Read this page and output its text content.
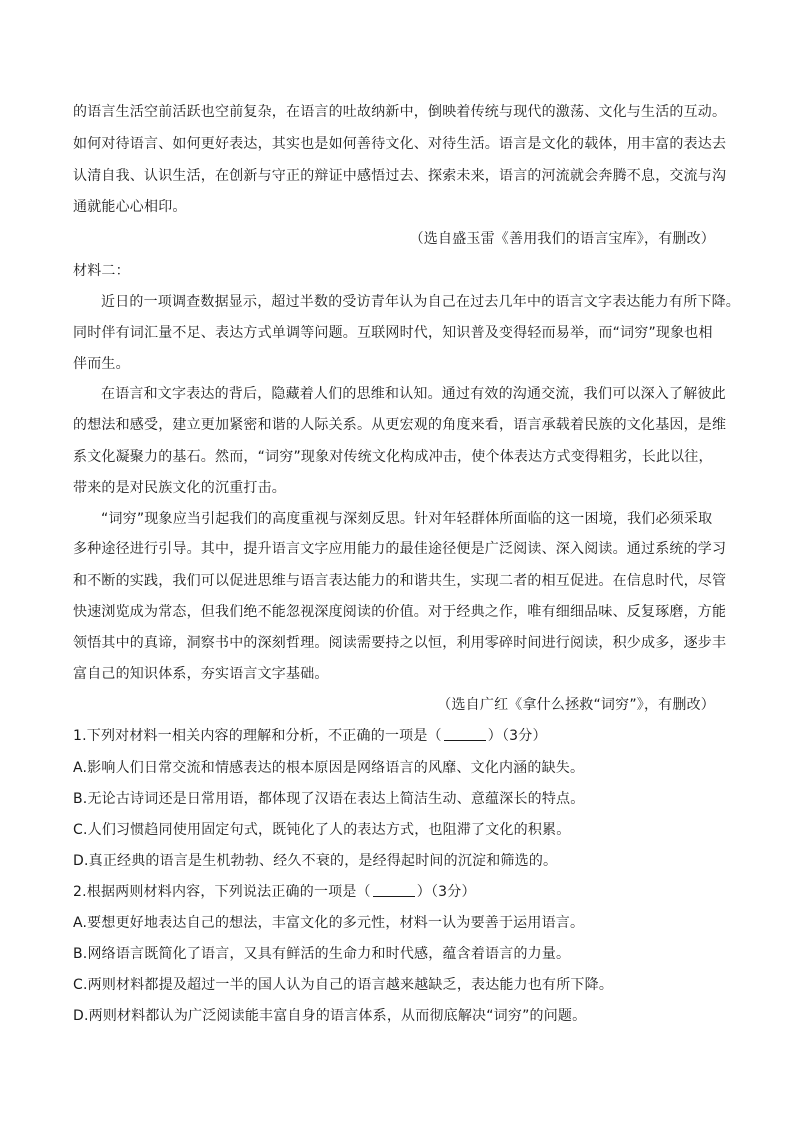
的语言生活空前活跃也空前复杂，在语言的吐故纳新中，倒映着传统与现代的激荡、文化与生活的互动。
如何对待语言、如何更好表达，其实也是如何善待文化、对待生活。语言是文化的载体，用丰富的表达去
认清自我、认识生活，在创新与守正的辩证中感悟过去、探索未来，语言的河流就会奔腾不息，交流与沟
通就能心心相印。
（选自盛玉雷《善用我们的语言宝库》，有删改）
材料二：
近日的一项调查数据显示，超过半数的受访青年认为自己在过去几年中的语言文字表达能力有所下降。
同时伴有词汇量不足、表达方式单调等问题。互联网时代，知识普及变得轻而易举，而“词穷”现象也相
伴而生。
在语言和文字表达的背后，隐藏着人们的思维和认知。通过有效的沟通交流，我们可以深入了解彼此
的想法和感受，建立更加紧密和谐的人际关系。从更宏观的角度来看，语言承载着民族的文化基因，是维
系文化凝聚力的基石。然而，“词穷”现象对传统文化构成冲击，使个体表达方式变得粗劣，长此以往，
带来的是对民族文化的沉重打击。
“词穷”现象应当引起我们的高度重视与深刻反思。针对年轻群体所面临的这一困境，我们必须采取
多种途径进行引导。其中，提升语言文字应用能力的最佳途径便是广泛阅读、深入阅读。通过系统的学习
和不断的实践，我们可以促进思维与语言表达能力的和谐共生，实现二者的相互促进。在信息时代，尽管
快速浏览成为常态，但我们绝不能忽视深度阅读的价值。对于经典之作，唯有细细品味、反复琢磨，方能
领悟其中的真谛，洞察书中的深刻哲理。阅读需要持之以恒，利用零碎时间进行阅读，积少成多，逐步丰
富自己的知识体系，夯实语言文字基础。
（选自广红《拿什么拯救“词穷”》，有删改）
1.下列对材料一相关内容的理解和分析，不正确的一项是（	）（3分）
A.影响人们日常交流和情感表达的根本原因是网络语言的风靡、文化内涵的缺失。
B.无论古诗词还是日常用语，都体现了汉语在表达上简洁生动、意蕴深长的特点。
C.人们习惯趋同使用固定句式，既钝化了人的表达方式，也阻滞了文化的积累。
D.真正经典的语言是生机勃勃、经久不衰的，是经得起时间的沉淀和筛选的。
2.根据两则材料内容，下列说法正确的一项是（	）（3分）
A.要想更好地表达自己的想法，丰富文化的多元性，材料一认为要善于运用语言。
B.网络语言既简化了语言，又具有鲜活的生命力和时代感，蕴含着语言的力量。
C.两则材料都提及超过一半的国人认为自己的语言越来越缺乏，表达能力也有所下降。
D.两则材料都认为广泛阅读能丰富自身的语言体系，从而彻底解决“词穷”的问题。
